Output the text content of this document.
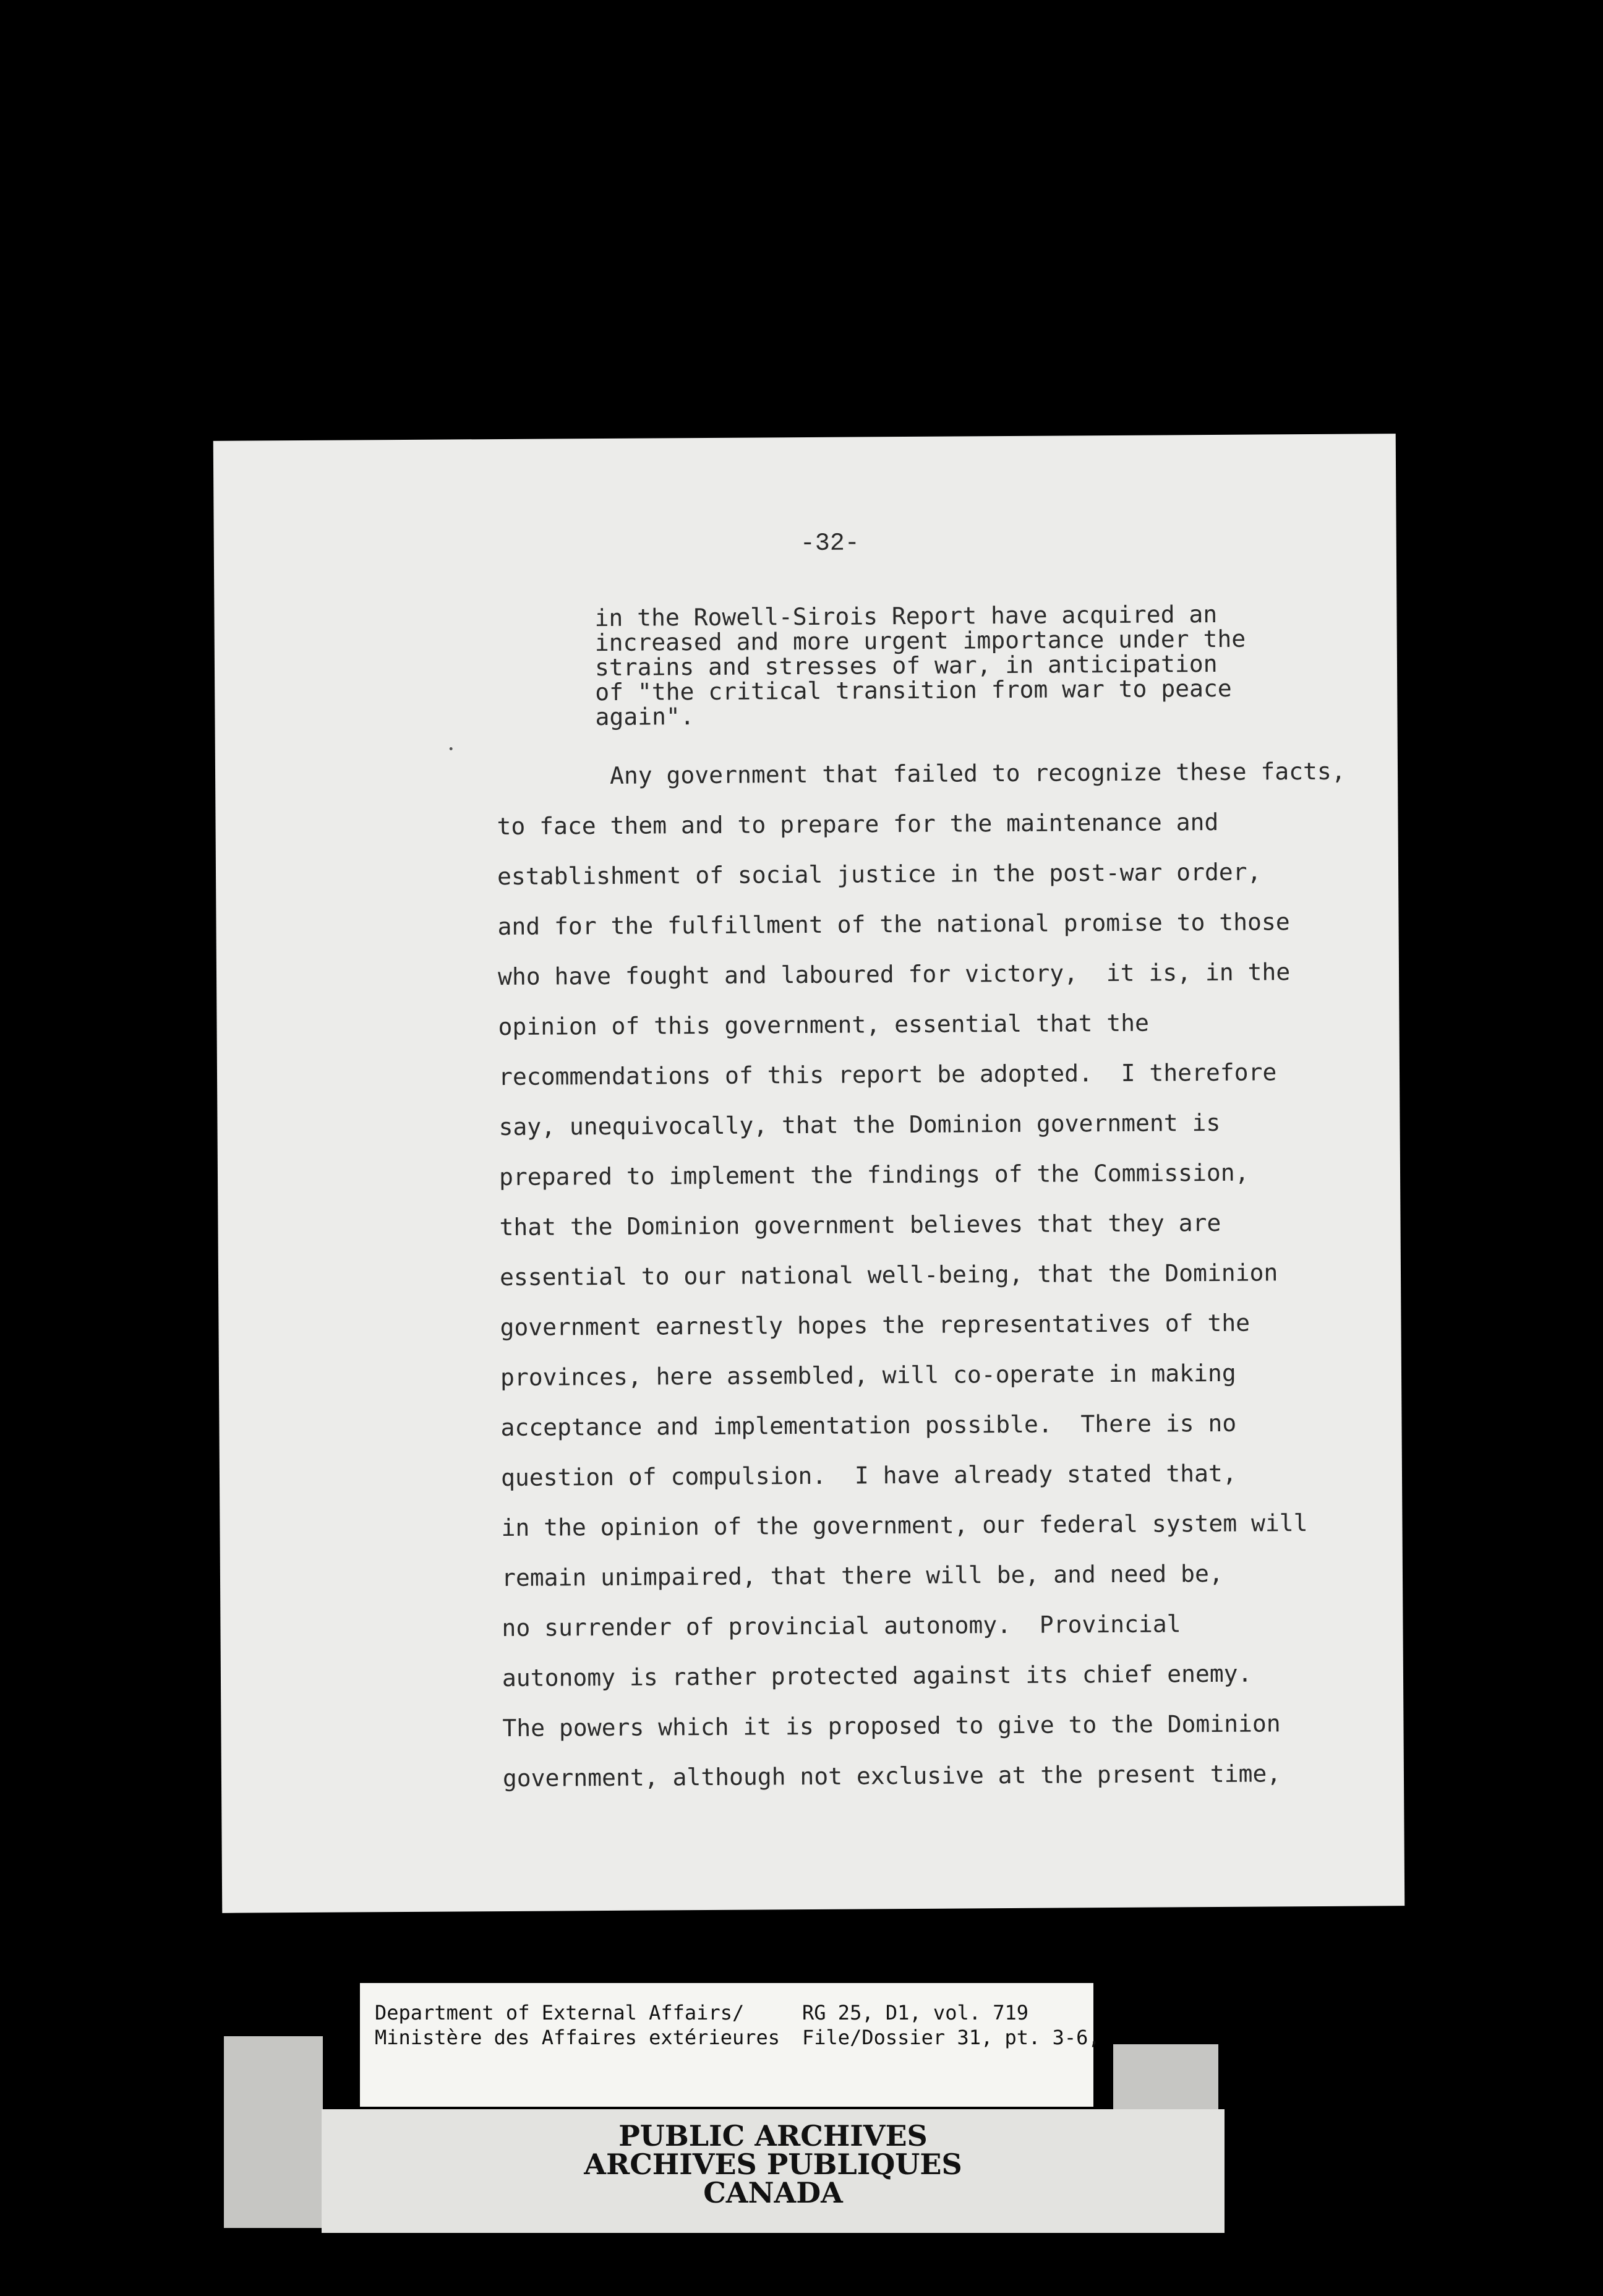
-32-
in the Rowell-Sirois Report have acquired an
increased and more urgent importance under the
strains and stresses of war, in anticipation
of "the critical transition from war to peace
again".
Any government that failed to recognize these facts,
to face them and to prepare for the maintenance and
establishment of social justice in the post-war order,
and for the fulfillment of the national promise to those
who have fought and laboured for victory,  it is, in the
opinion of this government, essential that the
recommendations of this report be adopted.  I therefore
say, unequivocally, that the Dominion government is
prepared to implement the findings of the Commission,
that the Dominion government believes that they are
essential to our national well-being, that the Dominion
government earnestly hopes the representatives of the
provinces, here assembled, will co-operate in making
acceptance and implementation possible.  There is no
question of compulsion.  I have already stated that,
in the opinion of the government, our federal system will
remain unimpaired, that there will be, and need be,
no surrender of provincial autonomy.  Provincial
autonomy is rather protected against its chief enemy.
The powers which it is proposed to give to the Dominion
government, although not exclusive at the present time,
•
PUBLIC ARCHIVES
ARCHIVES PUBLIQUES
CANADA
Department of External Affairs/
Ministère des Affaires extérieures
RG 25, D1, vol. 719
File/Dossier 31, pt. 3-6,
